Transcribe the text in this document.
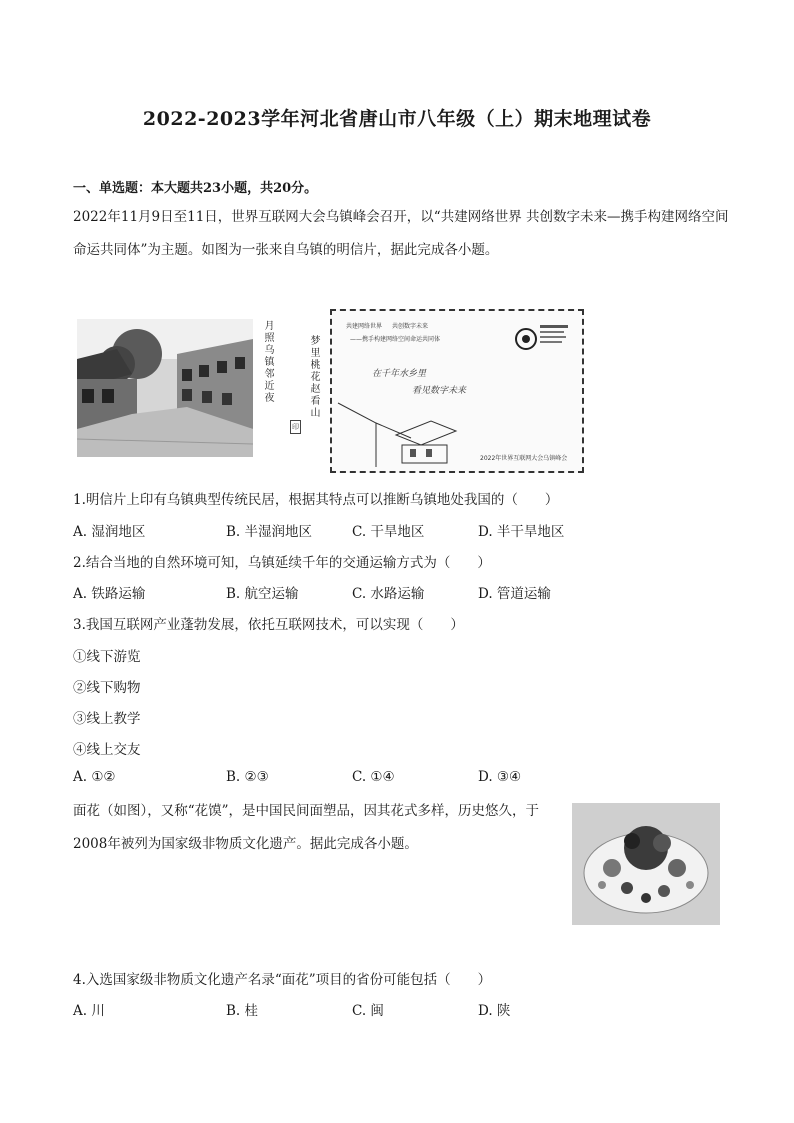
2022-2023学年河北省唐山市八年级（上）期末地理试卷
一、单选题：本大题共23小题，共20分。
2022年11月9日至11日，世界互联网大会乌镇峰会召开，以“共建网络世界 共创数字未来—携手构建网络空间命运共同体”为主题。如图为一张来自乌镇的明信片，据此完成各小题。
月照乌镇邻近夜
印
梦里桃花赵看山
共建网络世界 共创数字未来
——携手构建网络空间命运共同体
在千年水乡里
看见数字未来
2022年世界互联网大会乌镇峰会
1.明信片上印有乌镇典型传统民居，根据其特点可以推断乌镇地处我国的（　　）
A. 湿润地区	B. 半湿润地区	C. 干旱地区	D. 半干旱地区
2.结合当地的自然环境可知，乌镇延续千年的交通运输方式为（　　）
A. 铁路运输	B. 航空运输	C. 水路运输	D. 管道运输
3.我国互联网产业蓬勃发展，依托互联网技术，可以实现（　　）
①线下游览
②线下购物
③线上教学
④线上交友
A. ①②	B. ②③	C. ①④	D. ③④
面花（如图），又称“花馍”，是中国民间面塑品，因其花式多样，历史悠久，于2008年被列为国家级非物质文化遗产。据此完成各小题。
4.入选国家级非物质文化遗产名录“面花”项目的省份可能包括（　　）
A. 川	B. 桂	C. 闽	D. 陕
